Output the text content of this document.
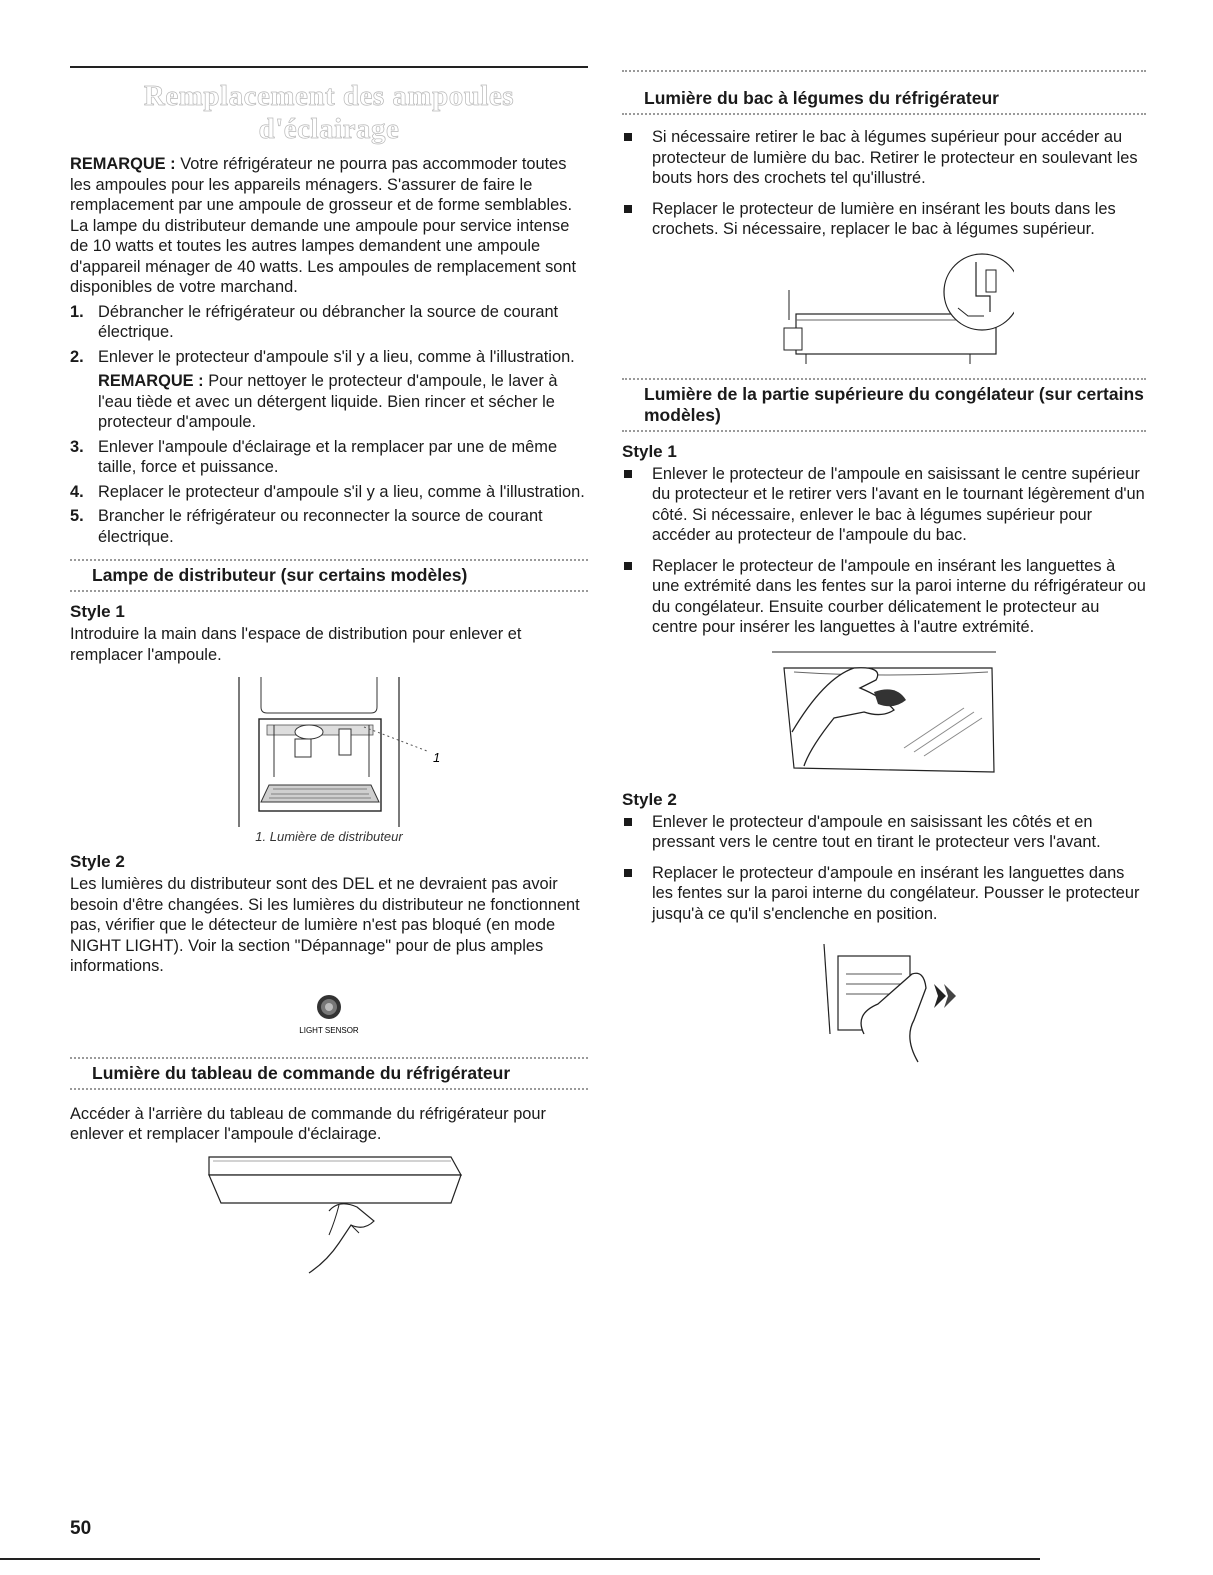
Remplacement des ampoules d'éclairage

REMARQUE : Votre réfrigérateur ne pourra pas accommoder toutes les ampoules pour les appareils ménagers. S'assurer de faire le remplacement par une ampoule de grosseur et de forme semblables. La lampe du distributeur demande une ampoule pour service intense de 10 watts et toutes les autres lampes demandent une ampoule d'appareil ménager de 40 watts. Les ampoules de remplacement sont disponibles de votre marchand.

1. Débrancher le réfrigérateur ou débrancher la source de courant électrique.
2. Enlever le protecteur d'ampoule s'il y a lieu, comme à l'illustration.
REMARQUE : Pour nettoyer le protecteur d'ampoule, le laver à l'eau tiède et avec un détergent liquide. Bien rincer et sécher le protecteur d'ampoule.
3. Enlever l'ampoule d'éclairage et la remplacer par une de même taille, force et puissance.
4. Replacer le protecteur d'ampoule s'il y a lieu, comme à l'illustration.
5. Brancher le réfrigérateur ou reconnecter la source de courant électrique.
Lampe de distributeur (sur certains modèles)
Style 1

Introduire la main dans l'espace de distribution pour enlever et remplacer l'ampoule.

1
1. Lumière de distributeur
Style 2

Les lumières du distributeur sont des DEL et ne devraient pas avoir besoin d'être changées. Si les lumières du distributeur ne fonctionnent pas, vérifier que le détecteur de lumière n'est pas bloqué (en mode NIGHT LIGHT). Voir la section "Dépannage" pour de plus amples informations.

LIGHT SENSOR
Lumière du tableau de commande du réfrigérateur

Accéder à l'arrière du tableau de commande du réfrigérateur pour enlever et remplacer l'ampoule d'éclairage.

Lumière du bac à légumes du réfrigérateur
Si nécessaire retirer le bac à légumes supérieur pour accéder au protecteur de lumière du bac. Retirer le protecteur en soulevant les bouts hors des crochets tel qu'illustré.
Replacer le protecteur de lumière en insérant les bouts dans les crochets. Si nécessaire, replacer le bac à légumes supérieur.
Lumière de la partie supérieure du congélateur (sur certains modèles)
Style 1
Enlever le protecteur de l'ampoule en saisissant le centre supérieur du protecteur et le retirer vers l'avant en le tournant légèrement d'un côté. Si nécessaire, enlever le bac à légumes supérieur pour accéder au protecteur de l'ampoule du bac.
Replacer le protecteur de l'ampoule en insérant les languettes à une extrémité dans les fentes sur la paroi interne du réfrigérateur ou du congélateur. Ensuite courber délicatement le protecteur au centre pour insérer les languettes à l'autre extrémité.
Style 2
Enlever le protecteur d'ampoule en saisissant les côtés et en pressant vers le centre tout en tirant le protecteur vers l'avant.
Replacer le protecteur d'ampoule en insérant les languettes dans les fentes sur la paroi interne du congélateur. Pousser le protecteur jusqu'à ce qu'il s'enclenche en position.
50
